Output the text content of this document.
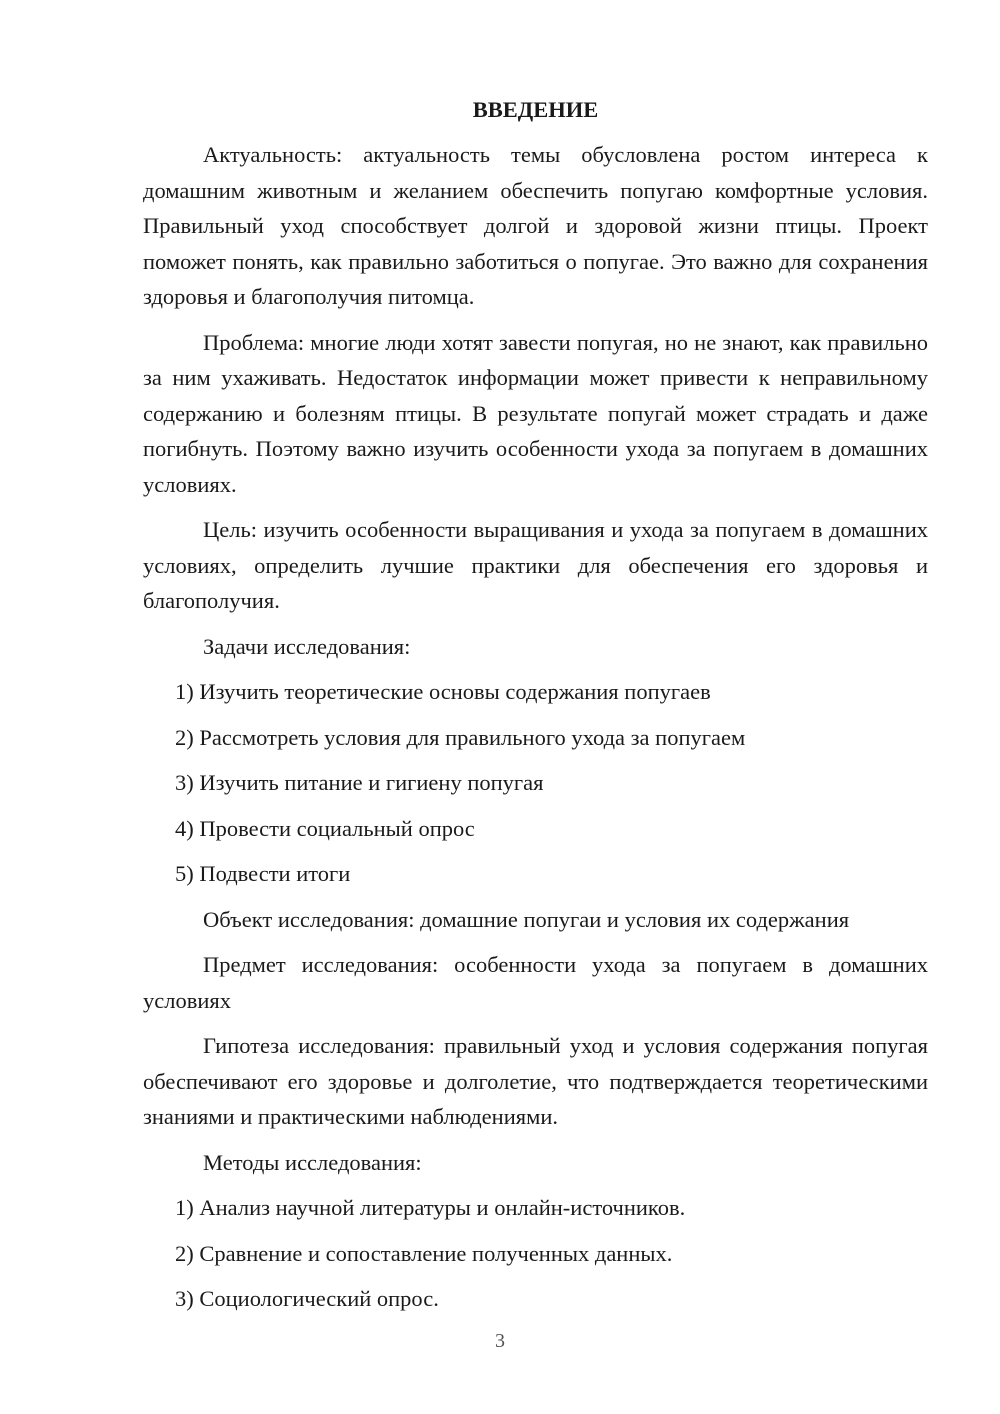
ВВЕДЕНИЕ

Актуальность: актуальность темы обусловлена ростом интереса к домашним животным и желанием обеспечить попугаю комфортные условия. Правильный уход способствует долгой и здоровой жизни птицы. Проект поможет понять, как правильно заботиться о попугае. Это важно для сохранения здоровья и благополучия питомца.

Проблема: многие люди хотят завести попугая, но не знают, как правильно за ним ухаживать. Недостаток информации может привести к неправильному содержанию и болезням птицы. В результате попугай может страдать и даже погибнуть. Поэтому важно изучить особенности ухода за попугаем в домашних условиях.

Цель: изучить особенности выращивания и ухода за попугаем в домашних условиях, определить лучшие практики для обеспечения его здоровья и благополучия.

Задачи исследования:
1) Изучить теоретические основы содержания попугаев
2) Рассмотреть условия для правильного ухода за попугаем
3) Изучить питание и гигиену попугая
4) Провести социальный опрос
5) Подвести итоги

Объект исследования: домашние попугаи и условия их содержания

Предмет исследования: особенности ухода за попугаем в домашних условиях

Гипотеза исследования: правильный уход и условия содержания попугая обеспечивают его здоровье и долголетие, что подтверждается теоретическими знаниями и практическими наблюдениями.

Методы исследования:
1) Анализ научной литературы и онлайн-источников.
2) Сравнение и сопоставление полученных данных.
3) Социологический опрос.
3
